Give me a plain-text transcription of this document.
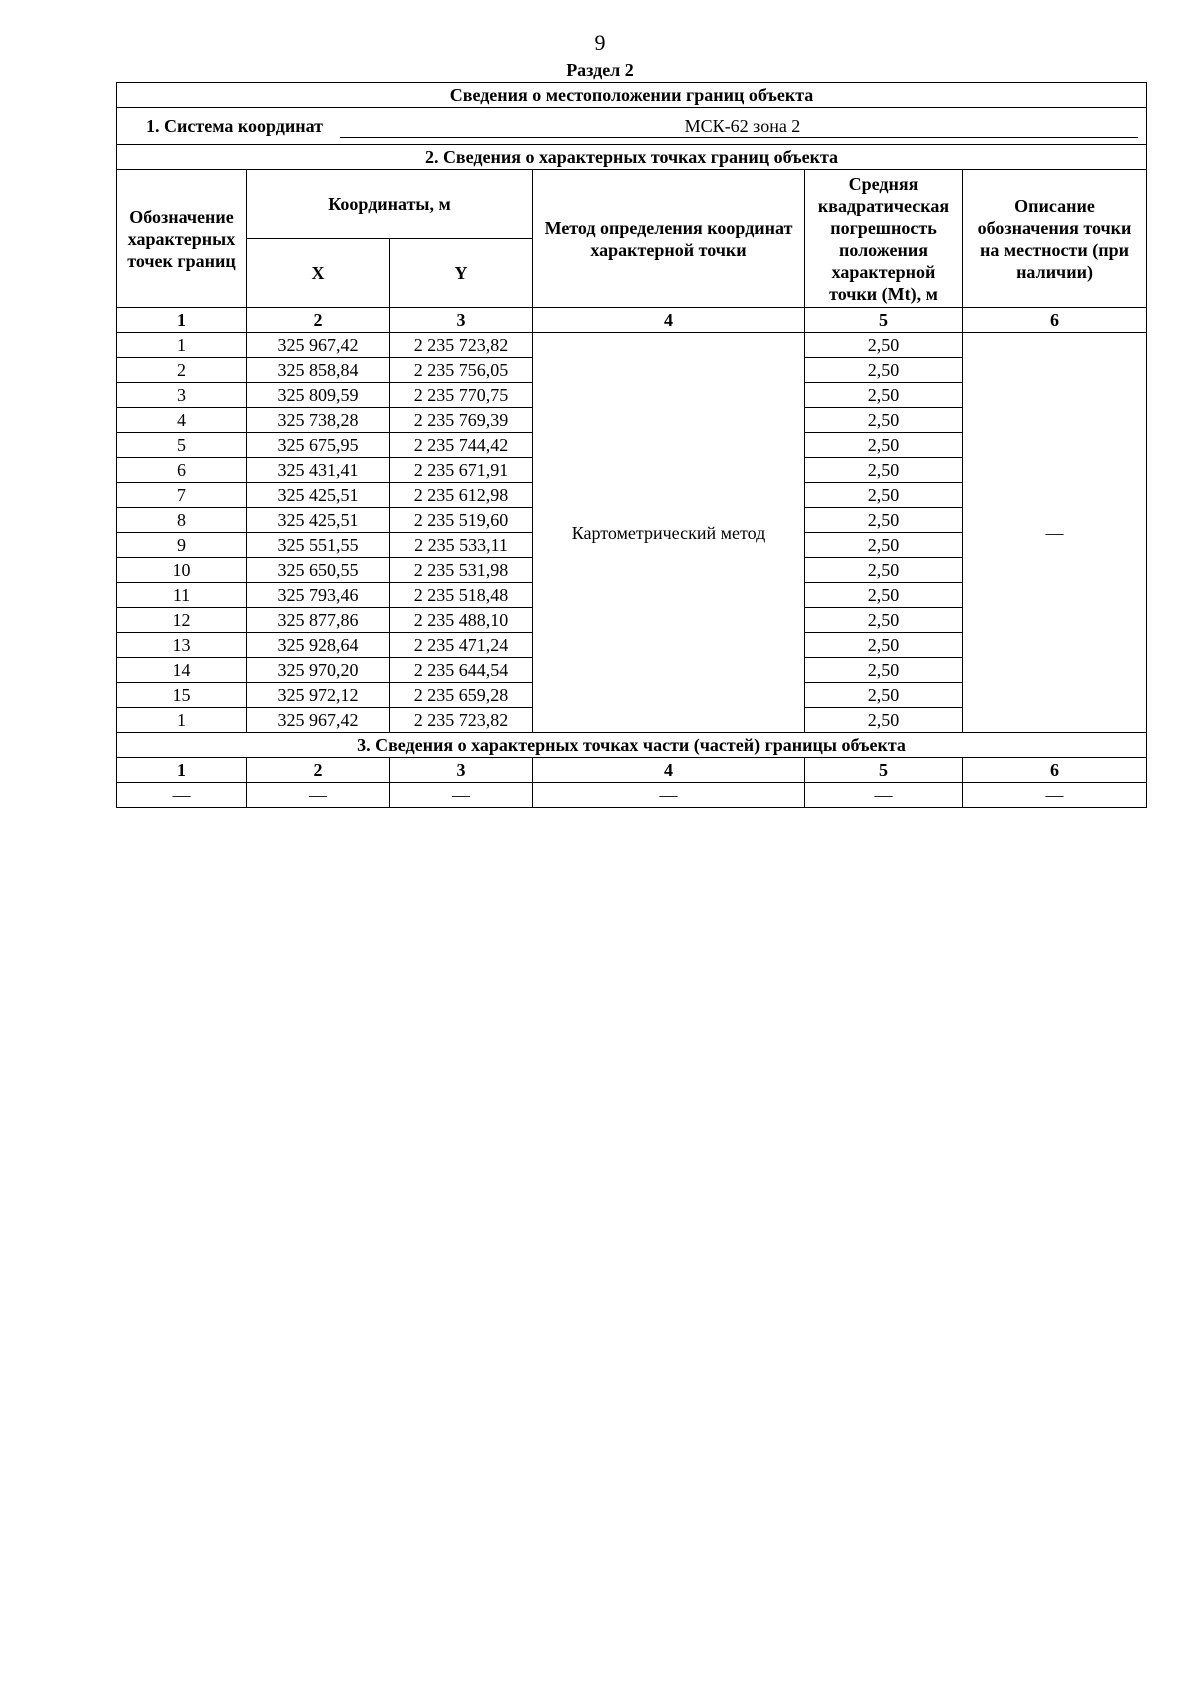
9
Раздел 2
Сведения о местоположении границ объекта					
1. Система координат МСК-62 зона 2					
2. Сведения о характерных точках границ объекта					
Обозначение характерных точек границ	Координаты, м		Метод определения координат характерной точки	Средняя квадратическая погрешность положения характерной точки (Mt), м	Описание обозначения точки на местности (при наличии)
	X	Y			
1	2	3	4	5	6
1	325 967,42	2 235 723,82	Картометрический метод	2,50	—
2	325 858,84	2 235 756,05		2,50	
3	325 809,59	2 235 770,75		2,50	
4	325 738,28	2 235 769,39		2,50	
5	325 675,95	2 235 744,42		2,50	
6	325 431,41	2 235 671,91		2,50	
7	325 425,51	2 235 612,98		2,50	
8	325 425,51	2 235 519,60		2,50	
9	325 551,55	2 235 533,11		2,50	
10	325 650,55	2 235 531,98		2,50	
11	325 793,46	2 235 518,48		2,50	
12	325 877,86	2 235 488,10		2,50	
13	325 928,64	2 235 471,24		2,50	
14	325 970,20	2 235 644,54		2,50	
15	325 972,12	2 235 659,28		2,50	
1	325 967,42	2 235 723,82		2,50	
3. Сведения о характерных точках части (частей) границы объекта					
1	2	3	4	5	6
—	—	—	—	—	—
